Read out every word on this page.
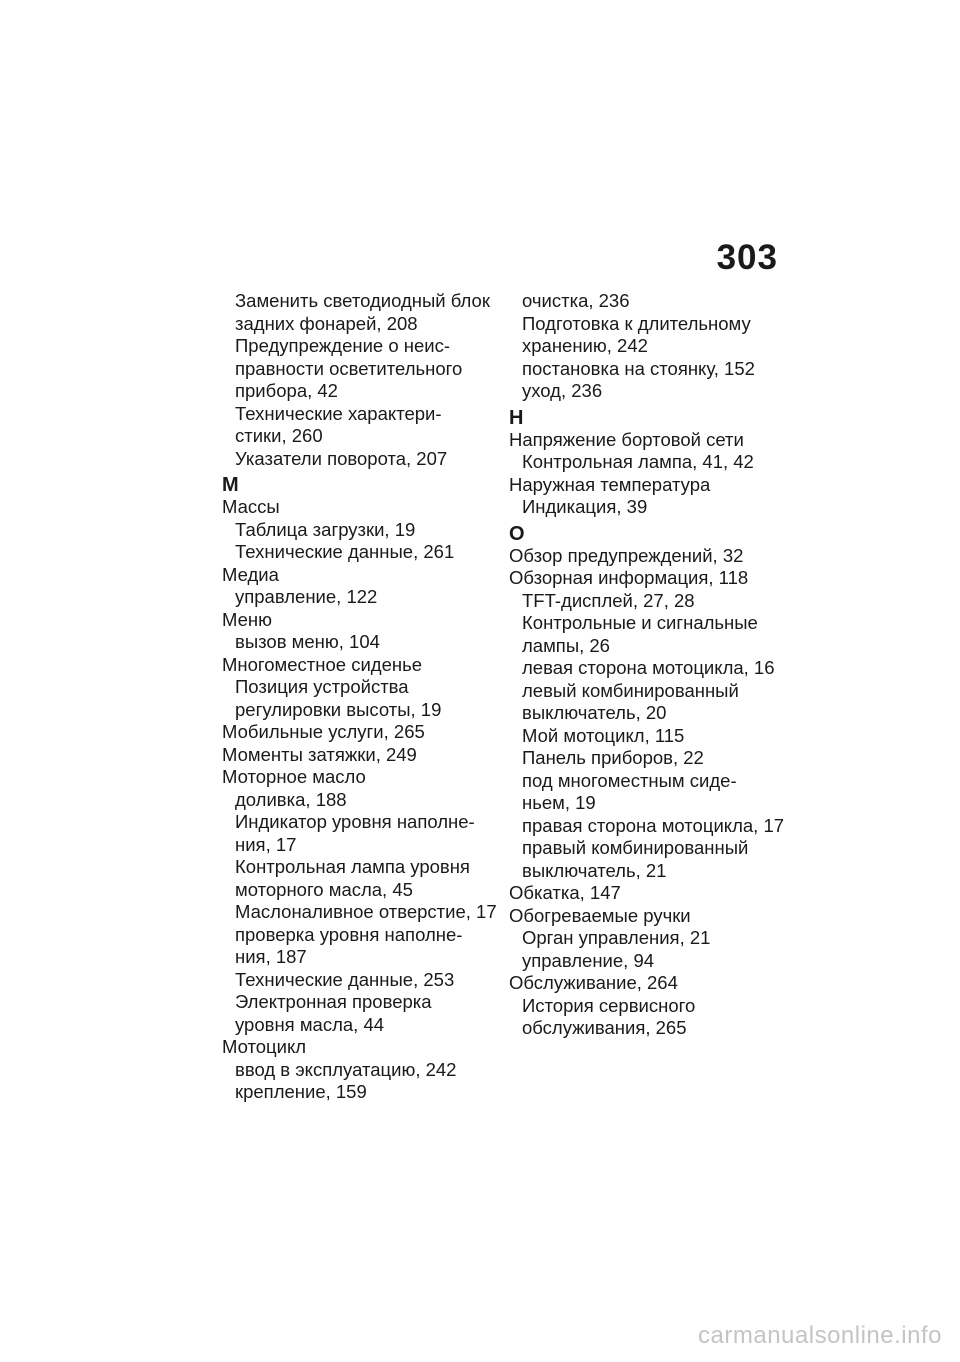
303
Заменить светодиодный блок
задних фонарей, 208
Предупреждение о неис-
правности осветительного
прибора, 42
Технические характери-
стики, 260
Указатели поворота, 207
М
Массы
Таблица загрузки, 19
Технические данные, 261
Медиа
управление, 122
Меню
вызов меню, 104
Многоместное сиденье
Позиция устройства
регулировки высоты, 19
Мобильные услуги, 265
Моменты затяжки, 249
Моторное масло
доливка, 188
Индикатор уровня наполне-
ния, 17
Контрольная лампа уровня
моторного масла, 45
Маслоналивное отверстие, 17
проверка уровня наполне-
ния, 187
Технические данные, 253
Электронная проверка
уровня масла, 44
Мотоцикл
ввод в эксплуатацию, 242
крепление, 159
очистка, 236
Подготовка к длительному
хранению, 242
постановка на стоянку, 152
уход, 236
Н
Напряжение бортовой сети
Контрольная лампа, 41, 42
Наружная температура
Индикация, 39
О
Обзор предупреждений, 32
Обзорная информация, 118
TFT-дисплей, 27, 28
Контрольные и сигнальные
лампы, 26
левая сторона мотоцикла, 16
левый комбинированный
выключатель, 20
Мой мотоцикл, 115
Панель приборов, 22
под многоместным сиде-
ньем, 19
правая сторона мотоцикла, 17
правый комбинированный
выключатель, 21
Обкатка, 147
Обогреваемые ручки
Орган управления, 21
управление, 94
Обслуживание, 264
История сервисного
обслуживания, 265
carmanualsonline.info
